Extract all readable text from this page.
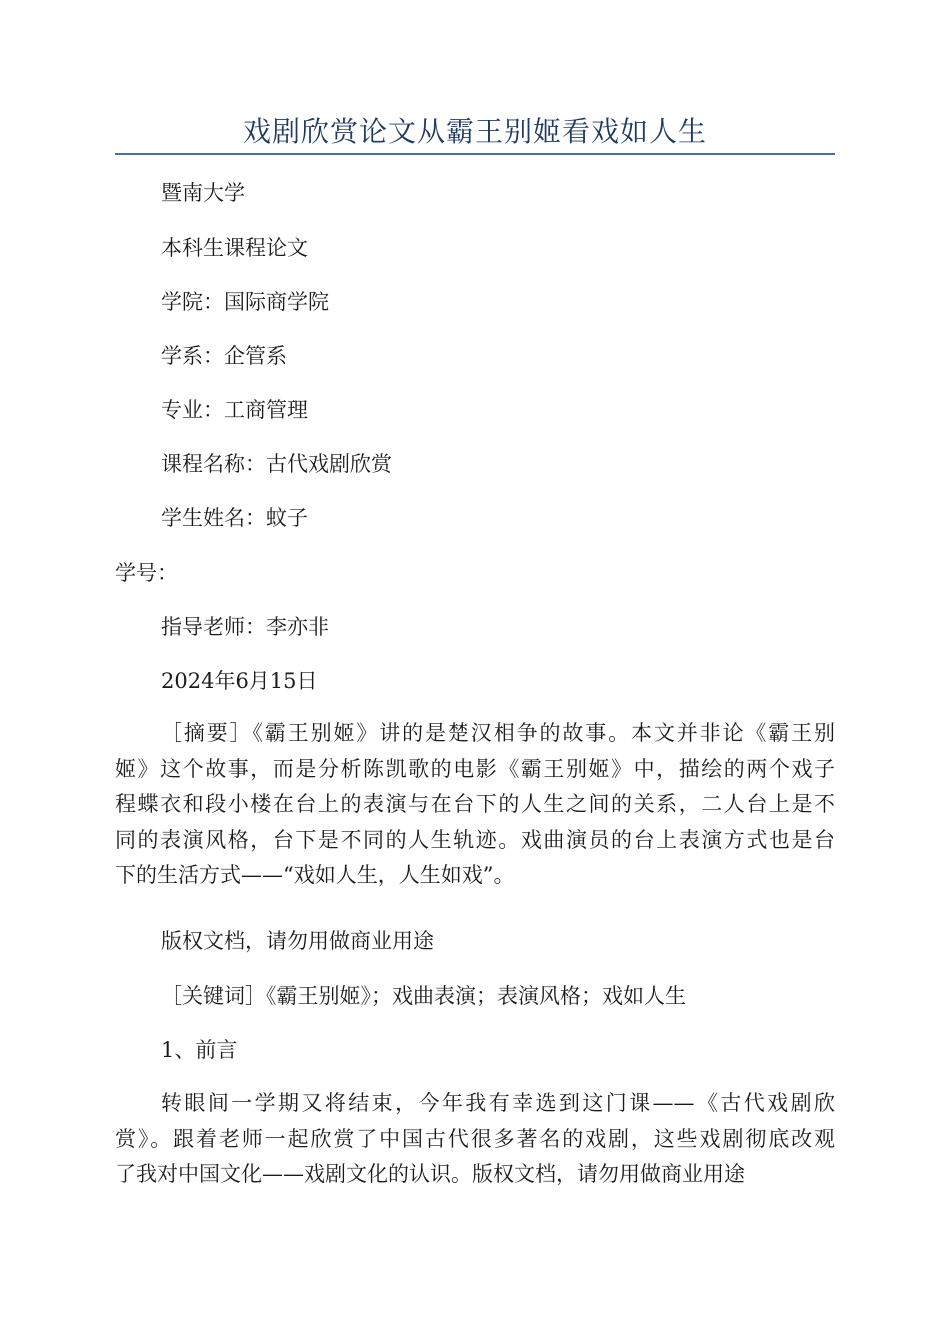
戏剧欣赏论文从霸王别姬看戏如人生
暨南大学
本科生课程论文
学院：国际商学院
学系：企管系
专业：工商管理
课程名称：古代戏剧欣赏
学生姓名：蚊子
学号：
指导老师：李亦非
2024年6月15日
［摘要］《霸王别姬》讲的是楚汉相争的故事。本文并非论《霸王别
姬》这个故事，而是分析陈凯歌的电影《霸王别姬》中，描绘的两个戏子
程蝶衣和段小楼在台上的表演与在台下的人生之间的关系，二人台上是不
同的表演风格，台下是不同的人生轨迹。戏曲演员的台上表演方式也是台
下的生活方式——“戏如人生，人生如戏”。
版权文档，请勿用做商业用途
［关键词］《霸王别姬》；戏曲表演；表演风格；戏如人生
1、前言
转眼间一学期又将结束，今年我有幸选到这门课——《古代戏剧欣
赏》。跟着老师一起欣赏了中国古代很多著名的戏剧，这些戏剧彻底改观
了我对中国文化——戏剧文化的认识。版权文档，请勿用做商业用途
